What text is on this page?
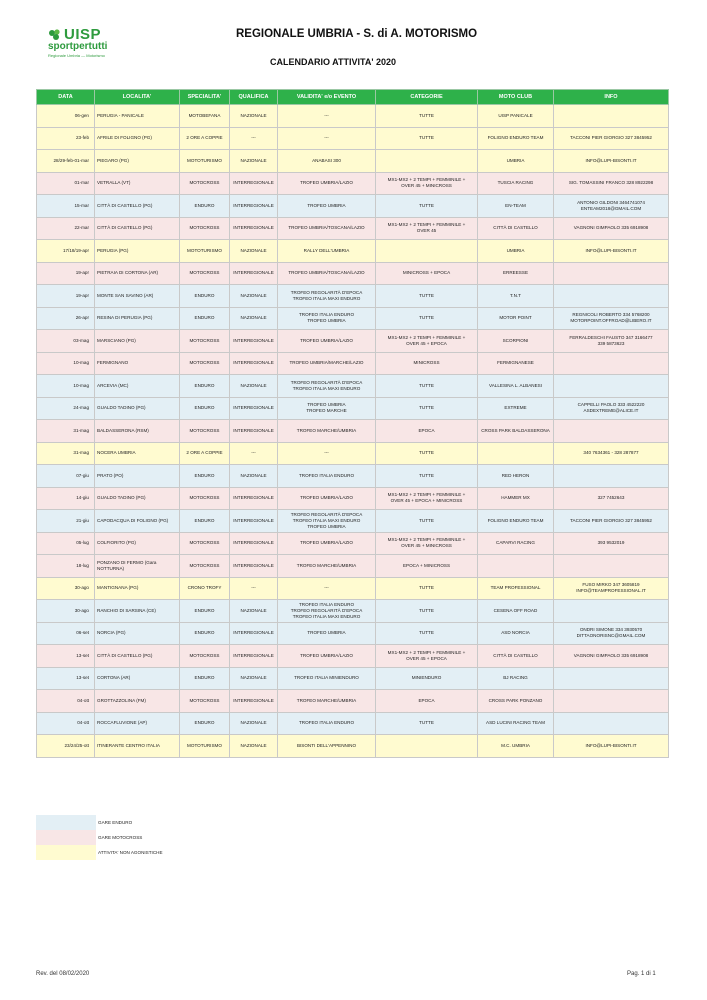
UISP
sportpertutti
Regionale Umbria — Motorismo
REGIONALE UMBRIA - S. di A. MOTORISMO
CALENDARIO ATTIVITA' 2020
DATA	LOCALITA'	SPECIALITA'	QUALIFICA	VALIDITA' e/o EVENTO	CATEGORIE	MOTO CLUB	INFO
06-gen	PERUGIA - PANICALE	MOTOBEFANA	NAZIONALE	---	TUTTE	UISP PANICALE	

23-feb	AFRILE DI FOLIGNO (PG)	2 ORE A COPPIE	---	---	TUTTE	FOLIGNO ENDURO TEAM	TACCONI PIER GIORGIO 327 3845952

28/29-feb-01-mar	PIEGARO (PG)	MOTOTURISMO	NAZIONALE	ANABASI 300		UMBRIA	INFO@LUPI-BISONTI.IT

01-mar	VETRALLA (VT)	MOTOCROSS	INTERREGIONALE	TROFEO UMBRIA/LAZIO	MX1-MX2 + 2 TEMPI + FEMMINILE +
OVER 45 + MINICROSS	TUSCIA RACING	SIG. TOMASSINI FRANCO 328 8922298

15-mar	CITTÀ DI CASTELLO (PG)	ENDURO	INTERREGIONALE	TROFEO UMBRIA	TUTTE	EN-TEAM	ANTONIO GILDONI 3464741074
ENTEAM2018@GMAIL.COM

22-mar	CITTÀ DI CASTELLO (PG)	MOTOCROSS	INTERREGIONALE	TROFEO UMBRIA/TOSCANA/LAZIO	MX1-MX2 + 2 TEMPI + FEMMINILE +
OVER 45	CITTÀ DI CASTELLO	VAGNONI GIMPAOLO 335 6918908

17/18/19-apr	PERUGIA (PG)	MOTOTURISMO	NAZIONALE	RALLY DELL'UMBRIA		UMBRIA	INFO@LUPI-BISONTI.IT

19-apr	PIETRAIA DI CORTONA (AR)	MOTOCROSS	INTERREGIONALE	TROFEO UMBRIA/TOSCANA/LAZIO	MINICROSS + EPOCA	ERREESSE	

19-apr	MONTE SAN SAVINO (AR)	ENDURO	NAZIONALE	TROFEO REGOLARITÀ D'EPOCA
TROFEO ITALIA MAXI ENDURO	TUTTE	T.N.T	

26-apr	RESINA DI PERUGIA (PG)	ENDURO	NAZIONALE	TROFEO ITALIA ENDURO
TROFEO UMBRIA	TUTTE	MOTOR POINT	REGNICOLI ROBERTO 334 5768200
MOTORPOINT.OFFROAD@LIBERO.IT

03-mag	MARSCIANO (PG)	MOTOCROSS	INTERREGIONALE	TROFEO UMBRIA/LAZIO	MX1-MX2 + 2 TEMPI + FEMMINILE +
OVER 45 + EPOCA	SCORPIONI	FERRALDESCHI FAUSTO 347 3166477
339 5873623

10-mag	FERMIGNANO	MOTOCROSS	INTERREGIONALE	TROFEO UMBRIA/MARCHE/LAZIO	MINICROSS	FERMIGNANESE	

10-mag	ARCEVIA (MC)	ENDURO	NAZIONALE	TROFEO REGOLARITÀ D'EPOCA
TROFEO ITALIA MAXI ENDURO	TUTTE	VALLESINA L. ALBANESI	

24-mag	GUALDO TADINO (PG)	ENDURO	INTERREGIONALE	TROFEO UMBRIA
TROFEO MARCHE	TUTTE	EXTREME	CAPPELLI PAOLO 333 4522220
ASDEXTREME@ALICE.IT

31-mag	BALDASSERONA (RSM)	MOTOCROSS	INTERREGIONALE	TROFEO MARCHE/UMBRIA	EPOCA	CROSS PARK BALDASSERONA	

31-mag	NOCERA UMBRIA	2 ORE A COPPIE	---	---	TUTTE		340 7634361 - 328 287877

07-giu	PRATO (PO)	ENDURO	NAZIONALE	TROFEO ITALIA ENDURO	TUTTE	RED HERON	

14-giu	GUALDO TADINO (PG)	MOTOCROSS	INTERREGIONALE	TROFEO UMBRIA/LAZIO	MX1-MX2 + 2 TEMPI + FEMMINILE +
OVER 45 + EPOCA + MINICROSS	HAMMER MX	327 7452643

21-giu	CAPODACQUA DI FOLIGNO (PG)	ENDURO	INTERREGIONALE	TROFEO REGOLARITÀ D'EPOCA
TROFEO ITALIA MAXI ENDURO
TROFEO UMBRIA	TUTTE	FOLIGNO ENDURO TEAM	TACCONI PIER GIORGIO 327 3845952

05-lug	COLFIORITO (PG)	MOTOCROSS	INTERREGIONALE	TROFEO UMBRIA/LAZIO	MX1-MX2 + 2 TEMPI + FEMMINILE +
OVER 45 + MINICROSS	CAPARVI RACING	393 9532019

18-lug	PONZANO DI FERMO (Gara NOTTURNA)	MOTOCROSS	INTERREGIONALE	TROFEO MARCHE/UMBRIA	EPOCA + MINICROSS		

30-ago	MANTIGNANA (PG)	CRONO TROFY	---	---	TUTTE	TEAM PROFESSIONAL	FUSO MIRKO 347 3605819
INFO@TEAMPROFESSIONAL.IT

30-ago	RANCHIO DI SARSINA (CE)	ENDURO	NAZIONALE	TROFEO ITALIA ENDURO
TROFEO REGOLARITÀ D'EPOCA
TROFEO ITALIA MAXI ENDURO	TUTTE	CESENA OFF ROAD	

06-set	NORCIA (PG)	ENDURO	INTERREGIONALE	TROFEO UMBRIA	TUTTE	ASD NORCIA	ONDRI SIMONE 334 3930570
DITTAONORISNC@GMAIL.COM

13-set	CITTÀ DI CASTELLO (PG)	MOTOCROSS	INTERREGIONALE	TROFEO UMBRIA/LAZIO	MX1-MX2 + 2 TEMPI + FEMMINILE +
OVER 45 + EPOCA	CITTÀ DI CASTELLO	VAGNONI GIMPAOLO 335 6918908

13-set	CORTONA (AR)	ENDURO	NAZIONALE	TROFEO ITALIA MINIENDURO	MINIENDURO	BJ RACING	

04-ott	GROTTAZZOLINA (FM)	MOTOCROSS	INTERREGIONALE	TROFEO MARCHE/UMBRIA	EPOCA	CROSS PARK PONZANO	

04-ott	ROCCAFLUVIONE (AP)	ENDURO	NAZIONALE	TROFEO ITALIA ENDURO	TUTTE	ASD LUCINI RACING TEAM	

23/24/25-ott	ITINERANTE CENTRO ITALIA	MOTOTURISMO	NAZIONALE	BISONTI DELL'APPENNINO		M.C. UMBRIA	INFO@LUPI-BISONTI.IT
GARE ENDURO
GARE MOTOCROSS
ATTIVITA' NON AGONISTICHE
Rev. del 08/02/2020	Pag. 1 di 1
